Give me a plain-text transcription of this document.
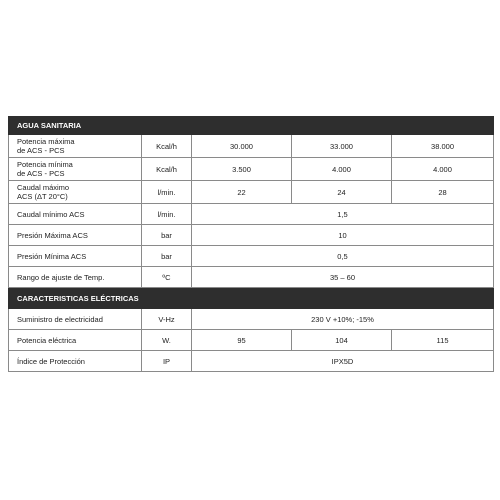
AGUA SANITARIA				

Potencia máxima
de ACS - PCS	Kcal/h	30.000	33.000	38.000

Potencia mínima
de ACS - PCS	Kcal/h	3.500	4.000	4.000

Caudal máximo
ACS (ΔT 20°C)	l/min.	22	24	28
Caudal mínimo ACS	l/min.	1,5		
Presión Máxima ACS	bar	10		
Presión Mínima ACS	bar	0,5		
Rango de ajuste de Temp.	ºC	35 – 60		
CARACTERISTICAS ELÉCTRICAS				
Suministro de electricidad	V-Hz	230 V +10%; -15%		
Potencia eléctrica	W.	95	104	115
Índice de Protección	IP	IPX5D		
